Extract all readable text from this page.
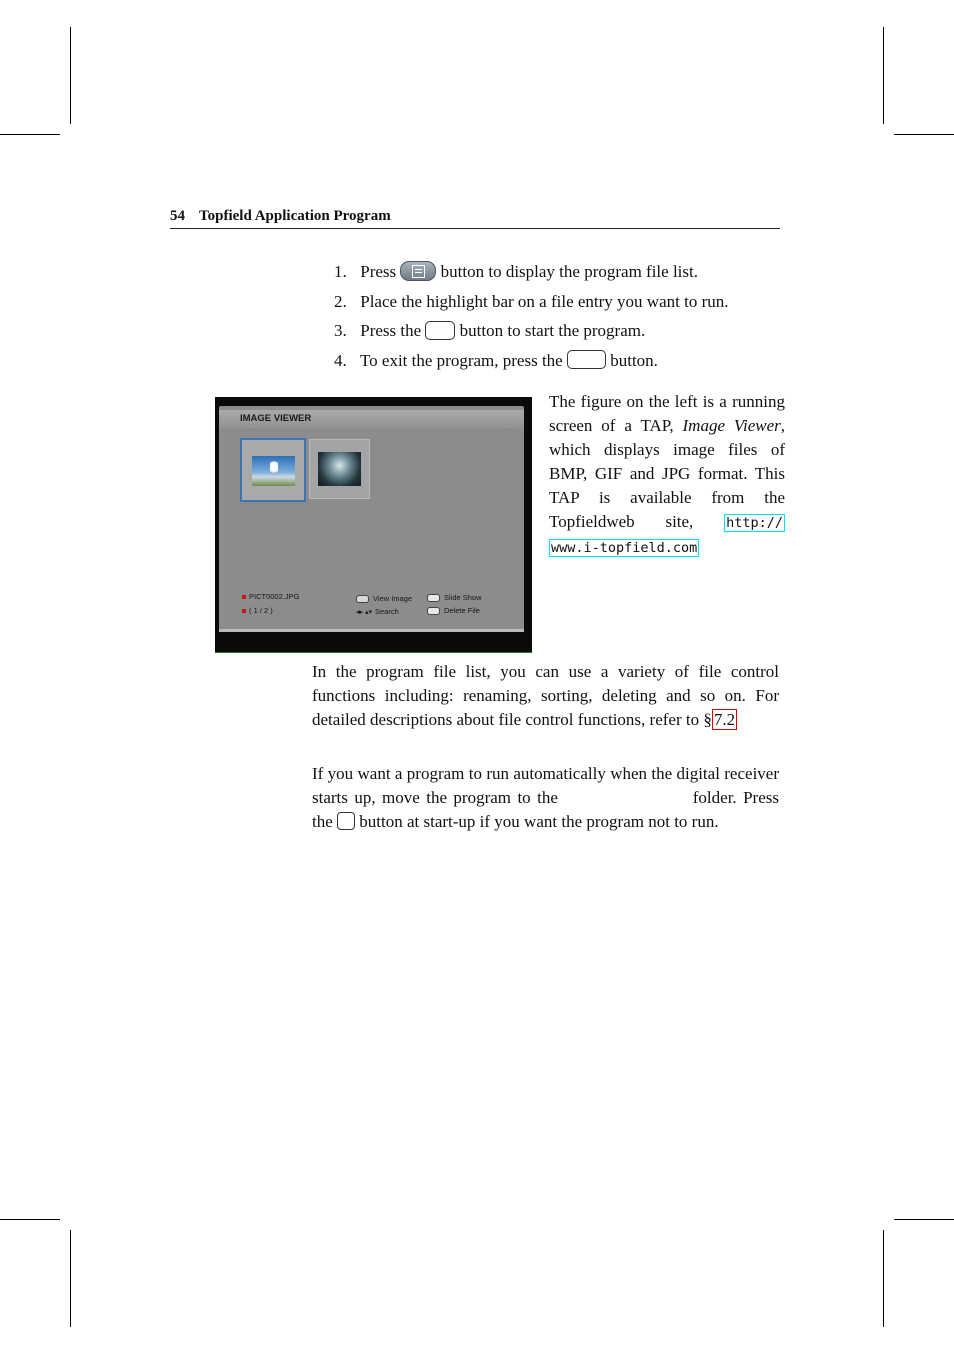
54 Topfield Application Program
1. Press	button to display the program file list.
2. Place the highlight bar on a file entry you want to run.
3. Press the button to start the program.
4. To exit the program, press the	button.
IMAGE VIEWER
PICT0002.JPG
( 1 / 2 )
View Image	Slide Show
◂▸ ▴▾ Search	Delete File
The figure on the left is a running screen of a TAP, Image Viewer, which displays image files of BMP, GIF and JPG format. This TAP is available from the Topfieldweb site, http:// www.i-topfield.com

In the program file list, you can use a variety of file control functions including: renaming, sorting, deleting and so on. For detailed descriptions about file control functions, refer to § 7.2

If you want a program to run automatically when the digital receiver starts up, move the program to the	folder. Press the button at start-up if you want the program not to run.
